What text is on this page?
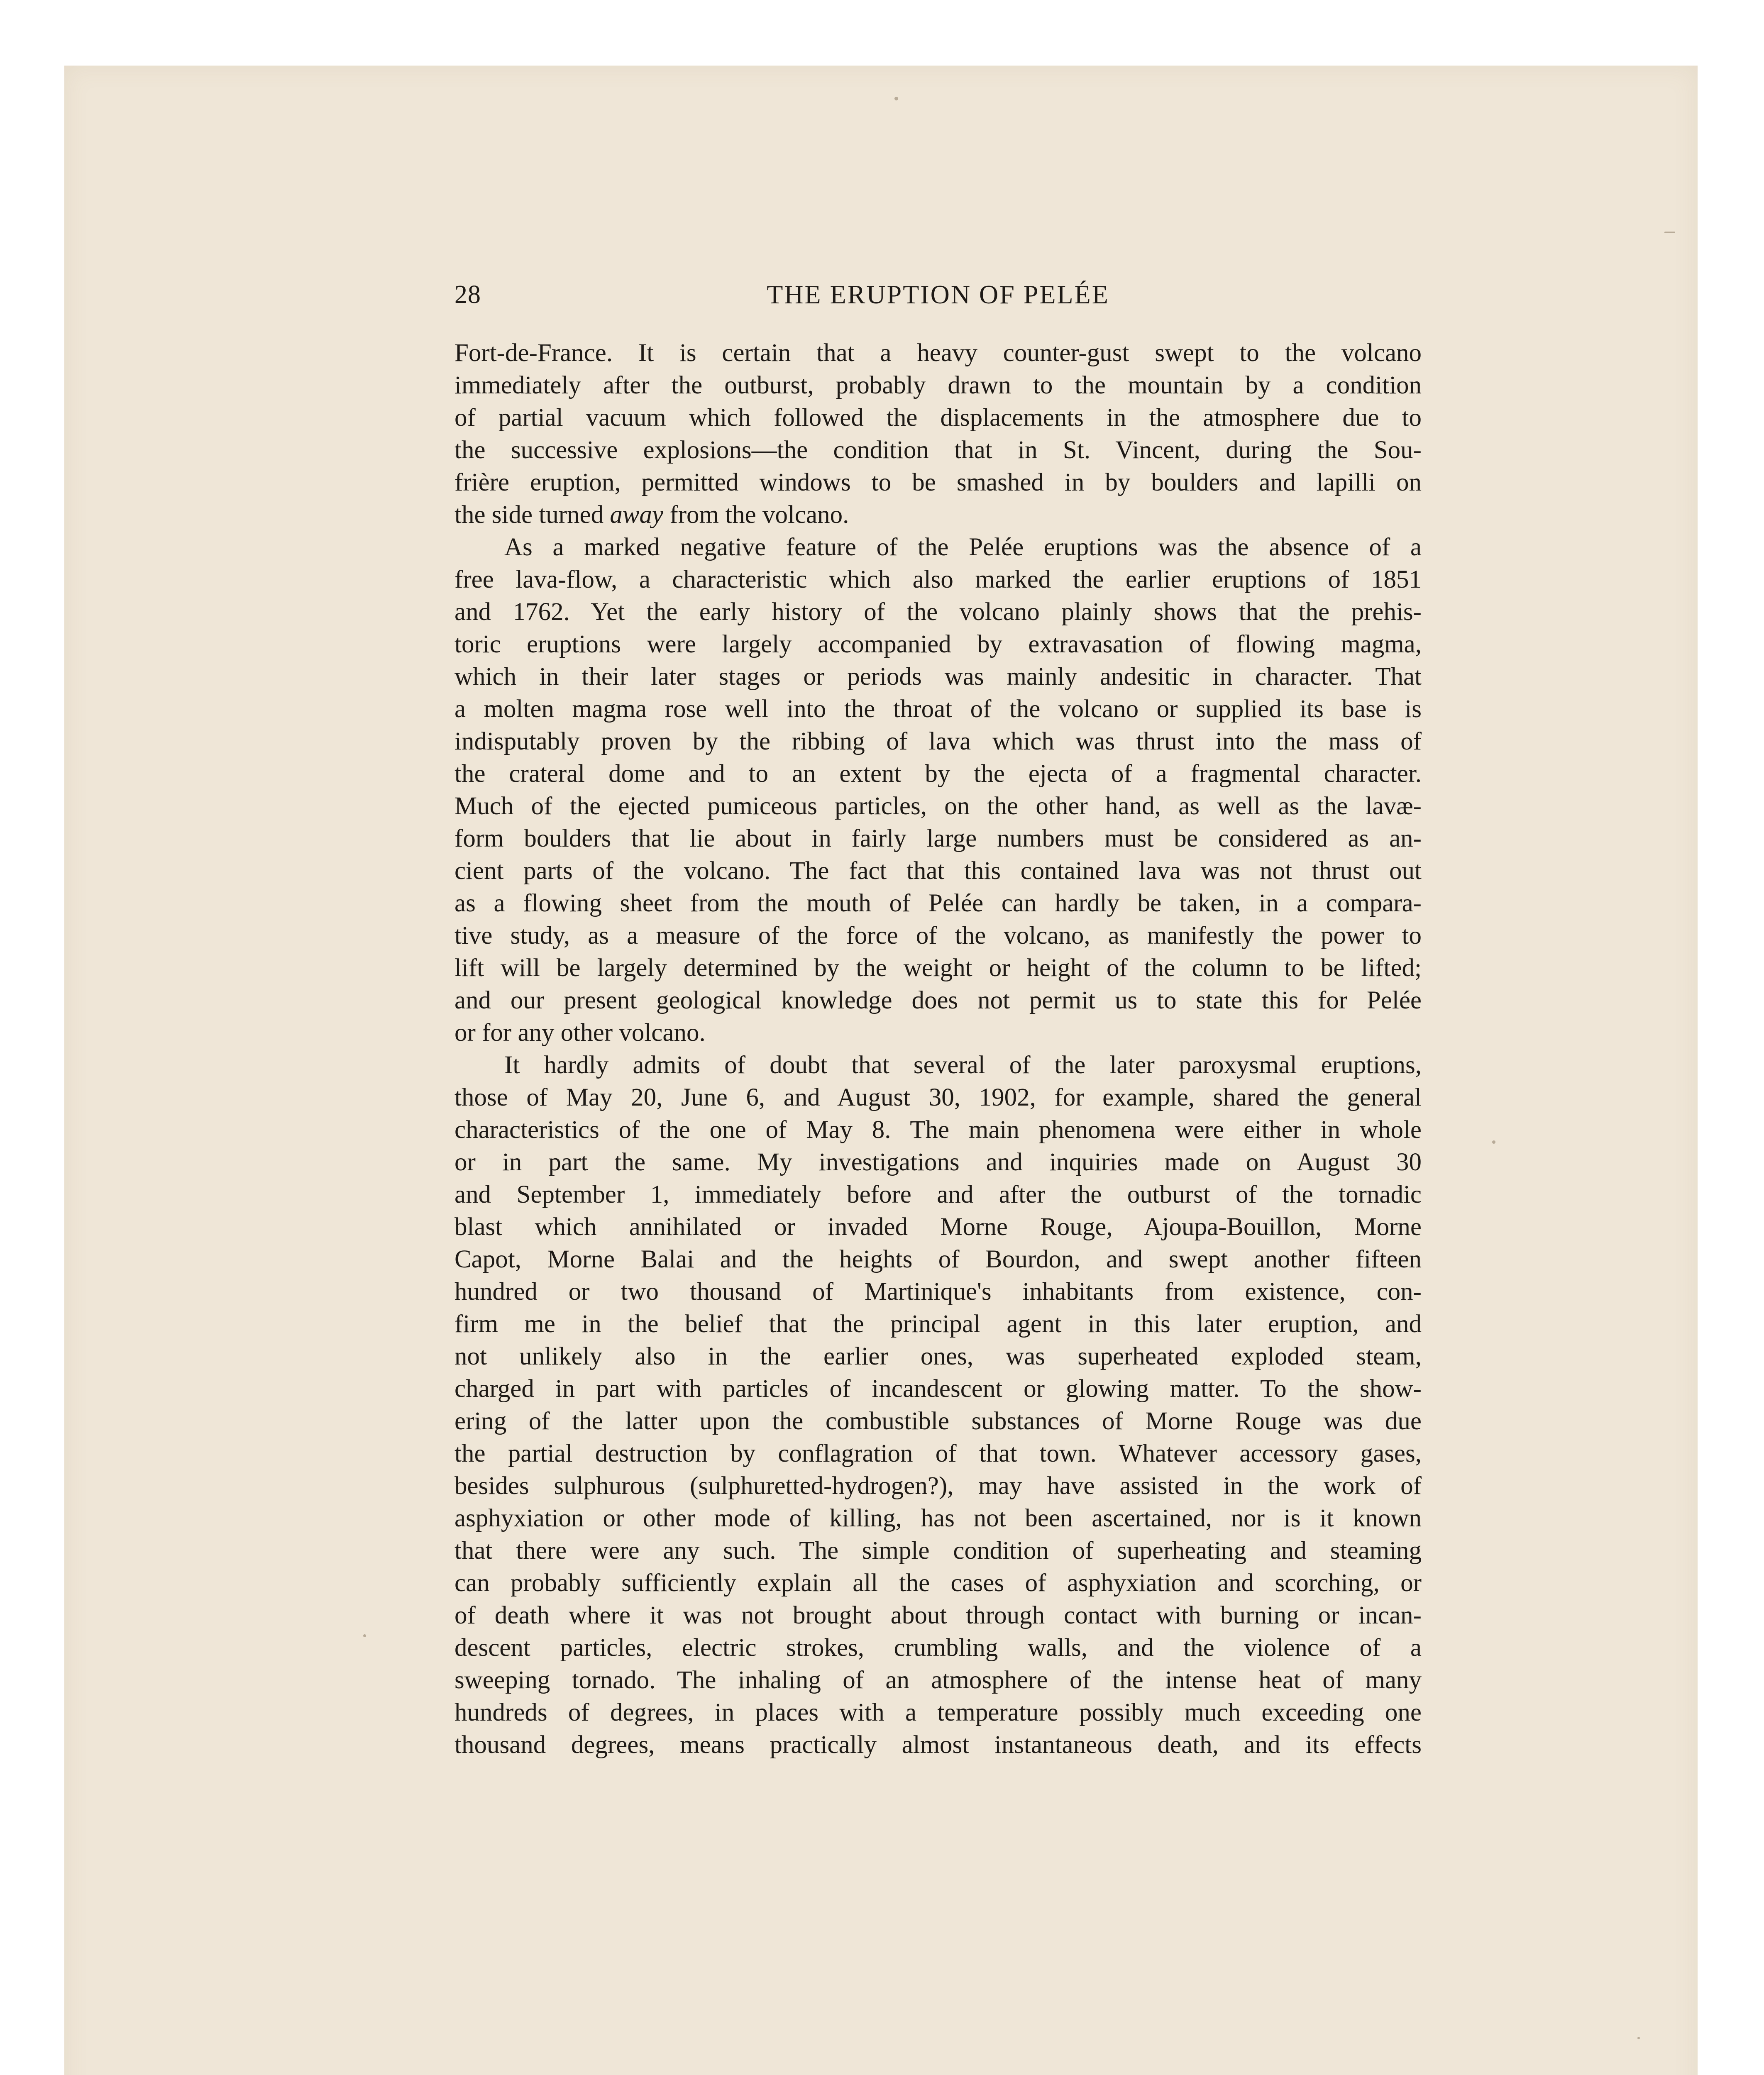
28	THE ERUPTION OF PELÉE
Fort-de-France. It is certain that a heavy counter-gust swept to the volcano
immediately after the outburst, probably drawn to the mountain by a condition
of partial vacuum which followed the displacements in the atmosphere due to
the successive explosions—the condition that in St. Vincent, during the Sou-
frière eruption, permitted windows to be smashed in by boulders and lapilli on
the side turned away from the volcano.
As a marked negative feature of the Pelée eruptions was the absence of a
free lava-flow, a characteristic which also marked the earlier eruptions of 1851
and 1762. Yet the early history of the volcano plainly shows that the prehis-
toric eruptions were largely accompanied by extravasation of flowing magma,
which in their later stages or periods was mainly andesitic in character. That
a molten magma rose well into the throat of the volcano or supplied its base is
indisputably proven by the ribbing of lava which was thrust into the mass of
the crateral dome and to an extent by the ejecta of a fragmental character.
Much of the ejected pumiceous particles, on the other hand, as well as the lavæ-
form boulders that lie about in fairly large numbers must be considered as an-
cient parts of the volcano. The fact that this contained lava was not thrust out
as a flowing sheet from the mouth of Pelée can hardly be taken, in a compara-
tive study, as a measure of the force of the volcano, as manifestly the power to
lift will be largely determined by the weight or height of the column to be lifted;
and our present geological knowledge does not permit us to state this for Pelée
or for any other volcano.
It hardly admits of doubt that several of the later paroxysmal eruptions,
those of May 20, June 6, and August 30, 1902, for example, shared the general
characteristics of the one of May 8. The main phenomena were either in whole
or in part the same. My investigations and inquiries made on August 30
and September 1, immediately before and after the outburst of the tornadic
blast which annihilated or invaded Morne Rouge, Ajoupa-Bouillon, Morne
Capot, Morne Balai and the heights of Bourdon, and swept another fifteen
hundred or two thousand of Martinique's inhabitants from existence, con-
firm me in the belief that the principal agent in this later eruption, and
not unlikely also in the earlier ones, was superheated exploded steam,
charged in part with particles of incandescent or glowing matter. To the show-
ering of the latter upon the combustible substances of Morne Rouge was due
the partial destruction by conflagration of that town. Whatever accessory gases,
besides sulphurous (sulphuretted-hydrogen?), may have assisted in the work of
asphyxiation or other mode of killing, has not been ascertained, nor is it known
that there were any such. The simple condition of superheating and steaming
can probably sufficiently explain all the cases of asphyxiation and scorching, or
of death where it was not brought about through contact with burning or incan-
descent particles, electric strokes, crumbling walls, and the violence of a
sweeping tornado. The inhaling of an atmosphere of the intense heat of many
hundreds of degrees, in places with a temperature possibly much exceeding one
thousand degrees, means practically almost instantaneous death, and its effects
